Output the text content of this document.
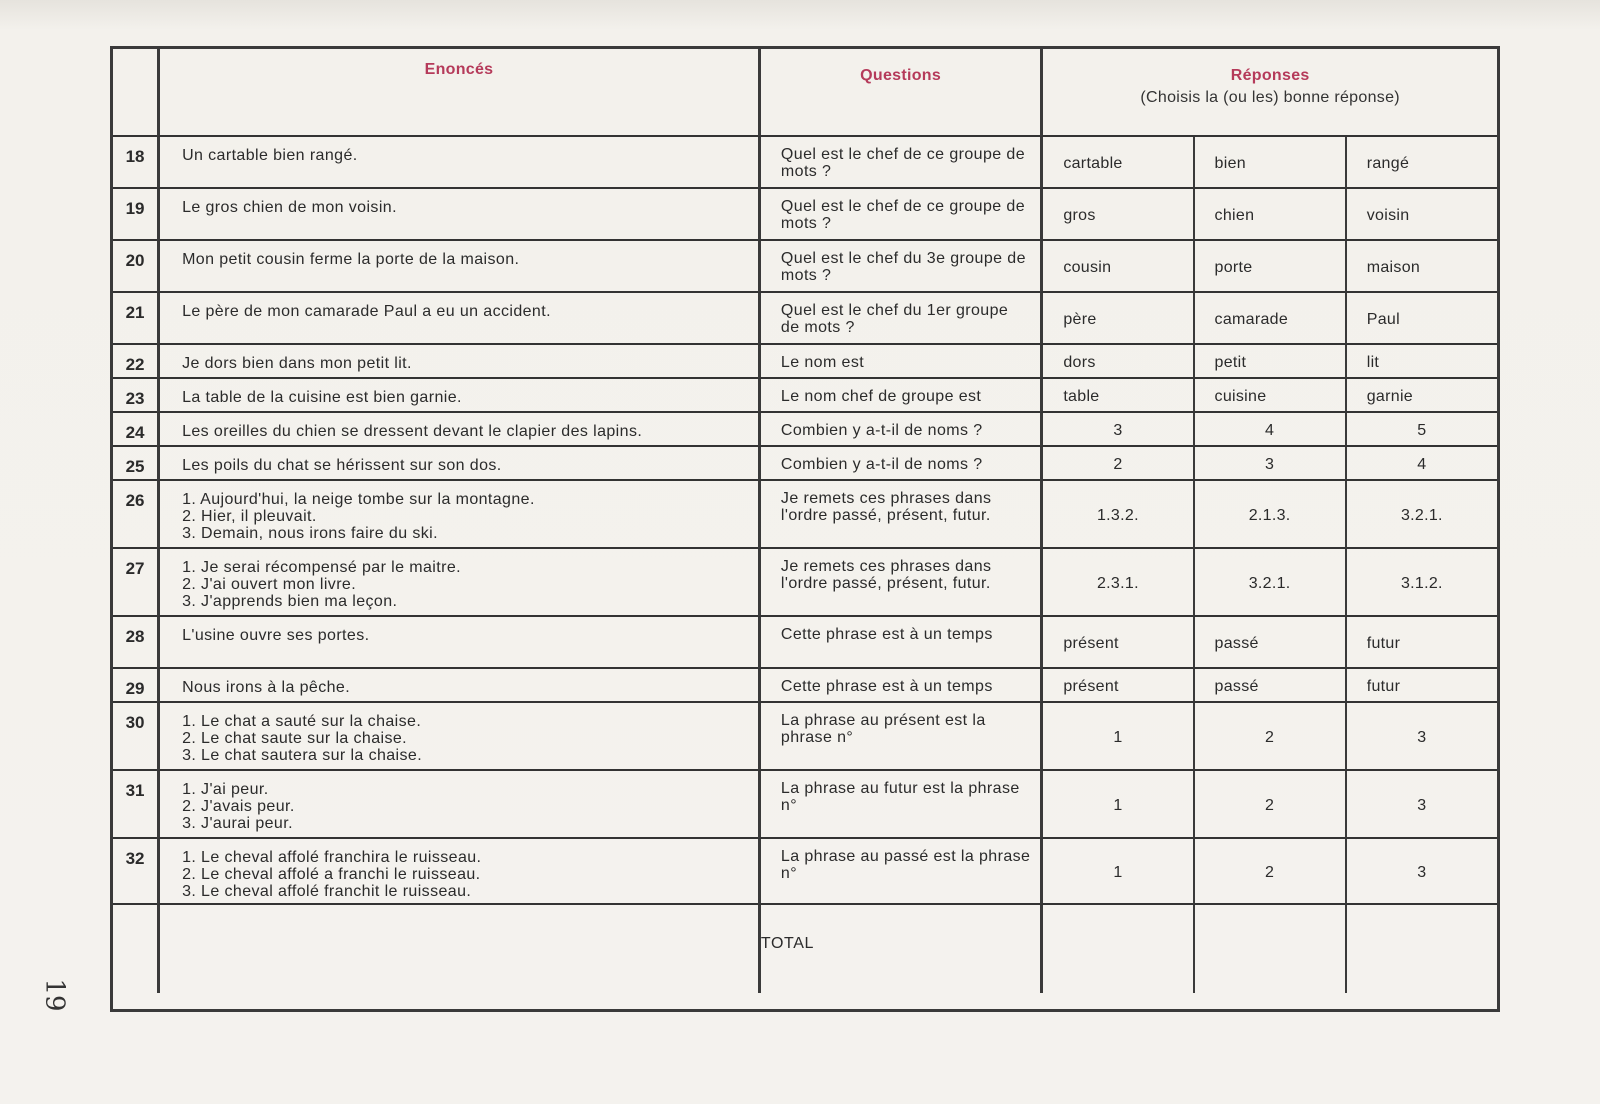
	Enoncés	Questions	Réponses
(Choisis la (ou les) bonne réponse)		

18	Un cartable bien rangé.	Quel est le chef de ce groupe de mots ?	cartable	bien	rangé

19	Le gros chien de mon voisin.	Quel est le chef de ce groupe de mots ?	gros	chien	voisin

20	Mon petit cousin ferme la porte de la maison.	Quel est le chef du 3e groupe de mots ?	cousin	porte	maison

21	Le père de mon camarade Paul a eu un accident.	Quel est le chef du 1er groupe de mots ?	père	camarade	Paul

22	Je dors bien dans mon petit lit.	Le nom est	dors	petit	lit

23	La table de la cuisine est bien garnie.	Le nom chef de groupe est	table	cuisine	garnie

24	Les oreilles du chien se dressent devant le clapier des lapins.	Combien y a-t-il de noms ?	3	4	5

25	Les poils du chat se hérissent sur son dos.	Combien y a-t-il de noms ?	2	3	4

26	1. Aujourd'hui, la neige tombe sur la montagne.
2. Hier, il pleuvait.
3. Demain, nous irons faire du ski.	Je remets ces phrases dans l'ordre passé, présent, futur.	1.3.2.	2.1.3.	3.2.1.

27	1. Je serai récompensé par le maitre.
2. J'ai ouvert mon livre.
3. J'apprends bien ma leçon.	Je remets ces phrases dans l'ordre passé, présent, futur.	2.3.1.	3.2.1.	3.1.2.

28	L'usine ouvre ses portes.	Cette phrase est à un temps	présent	passé	futur

29	Nous irons à la pêche.	Cette phrase est à un temps	présent	passé	futur

30	1. Le chat a sauté sur la chaise.
2. Le chat saute sur la chaise.
3. Le chat sautera sur la chaise.	La phrase au présent est la phrase n°	1	2	3

31	1. J'ai peur.
2. J'avais peur.
3. J'aurai peur.	La phrase au futur est la phrase n°	1	2	3

32	1. Le cheval affolé franchira le ruisseau.
2. Le cheval affolé a franchi le ruisseau.
3. Le cheval affolé franchit le ruisseau.	La phrase au passé est la phrase n°	1	2	3

		TOTAL			
19
